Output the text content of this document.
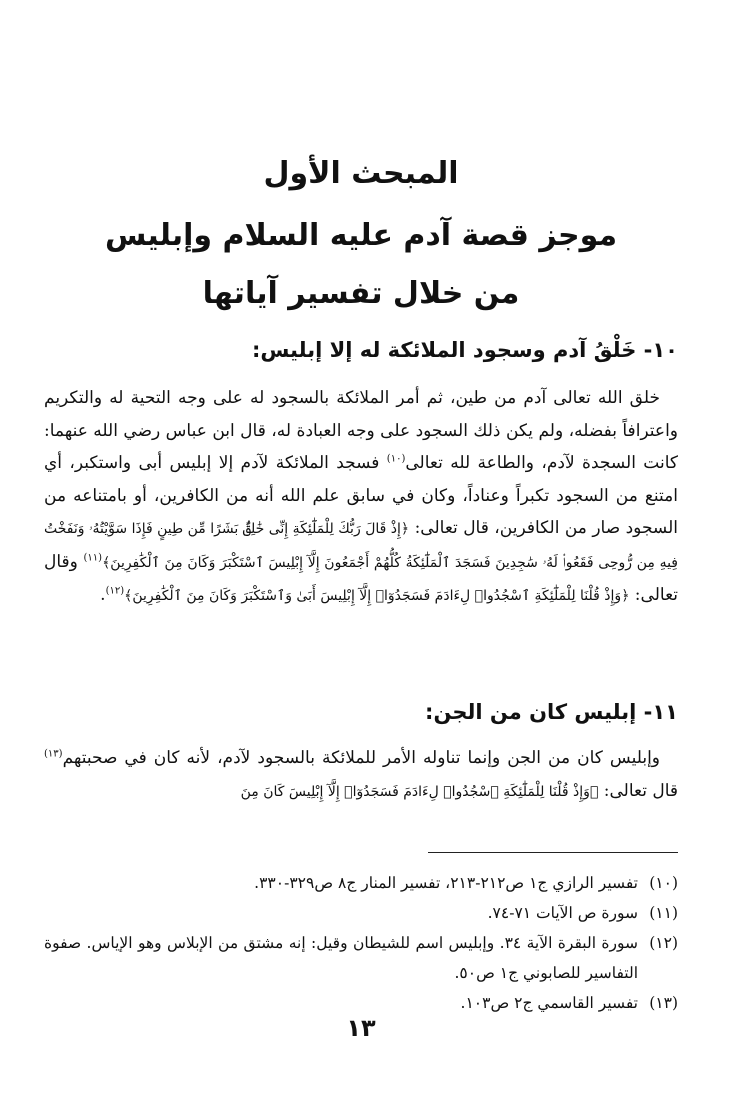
المبحث الأول
موجز قصة آدم عليه السلام وإبليس
من خلال تفسير آياتها
١٠- خَلْقُ آدم وسجود الملائكة له إلا إبليس:

خلق الله تعالى آدم من طين، ثم أمر الملائكة بالسجود له على وجه التحية له والتكريم واعترافاً بفضله، ولم يكن ذلك السجود على وجه العبادة له، قال ابن عباس رضي الله عنهما: كانت السجدة لآدم، والطاعة لله تعالى$^{(١٠)}$ فسجد الملائكة لآدم إلا إبليس أبى واستكبر، أي امتنع من السجود تكبراً وعناداً، وكان في سابق علم الله أنه من الكافرين، أو بامتناعه من السجود صار من الكافرين، قال تعالى: ﴿إِذْ قَالَ رَبُّكَ لِلْمَلَٰٓئِكَةِ إِنِّى خَٰلِقٌۢ بَشَرًا مِّن طِينٍ فَإِذَا سَوَّيْتُهُۥ وَنَفَخْتُ فِيهِ مِن رُّوحِى فَقَعُوا۟ لَهُۥ سَٰجِدِينَ فَسَجَدَ ٱلْمَلَٰٓئِكَةُ كُلُّهُمْ أَجْمَعُونَ إِلَّآ إِبْلِيسَ ٱسْتَكْبَرَ وَكَانَ مِنَ ٱلْكَٰفِرِينَ﴾$^{(١١)}$ وقال تعالى: ﴿وَإِذْ قُلْنَا لِلْمَلَٰٓئِكَةِ ٱسْجُدُوا۟ لِءَادَمَ فَسَجَدُوٓا۟ إِلَّآ إِبْلِيسَ أَبَىٰ وَٱسْتَكْبَرَ وَكَانَ مِنَ ٱلْكَٰفِرِينَ﴾$^{(١٢)}$.

١١- إبليس كان من الجن:

وإبليس كان من الجن وإنما تناوله الأمر للملائكة بالسجود لآدم، لأنه كان في صحبتهم$^{(١٣)}$ قال تعالى: ﴿وَإِذْ قُلْنَا لِلْمَلَٰٓئِكَةِ ٱسْجُدُوا۟ لِءَادَمَ فَسَجَدُوٓا۟ إِلَّآ إِبْلِيسَ كَانَ مِنَ

(١٠)
تفسير الرازي ج١ ص٢١٢-٢١٣، تفسير المنار ج٨ ص٣٢٩-٣٣٠.
(١١)
سورة ص الآيات ٧١-٧٤.
(١٢)
سورة البقرة الآية ٣٤. وإبليس اسم للشيطان وقيل: إنه مشتق من الإبلاس وهو الإياس. صفوة التفاسير للصابوني ج١ ص٥٠.
(١٣)
تفسير القاسمي ج٢ ص١٠٣.
١٣
